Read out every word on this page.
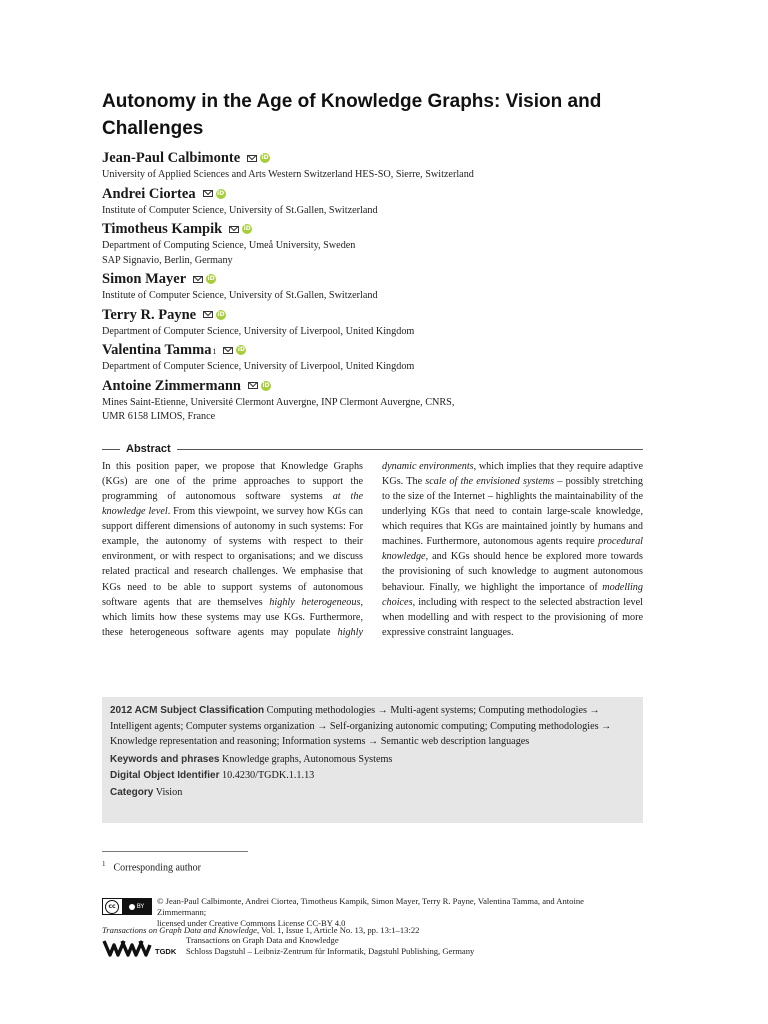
Autonomy in the Age of Knowledge Graphs: Vision and Challenges
Jean-Paul Calbimonte	iD
University of Applied Sciences and Arts Western Switzerland HES-SO, Sierre, Switzerland
Andrei Ciortea	iD
Institute of Computer Science, University of St.Gallen, Switzerland
Timotheus Kampik	iD
Department of Computing Science, Umeå University, Sweden
SAP Signavio, Berlin, Germany
Simon Mayer	iD
Institute of Computer Science, University of St.Gallen, Switzerland
Terry R. Payne	iD
Department of Computer Science, University of Liverpool, United Kingdom
Valentina Tamma 1	iD
Department of Computer Science, University of Liverpool, United Kingdom
Antoine Zimmermann	iD
Mines Saint-Etienne, Université Clermont Auvergne, INP Clermont Auvergne, CNRS,
UMR 6158 LIMOS, France
Abstract

In this position paper, we propose that Knowledge Graphs (KGs) are one of the prime approaches to support the programming of autonomous software systems at the knowledge level. From this viewpoint, we survey how KGs can support different dimensions of autonomy in such systems: For example, the autonomy of systems with respect to their environment, or with respect to organisations; and we discuss related practical and research challenges. We emphasise that KGs need to be able to support systems of autonomous software agents that are themselves highly heterogeneous, which limits how these systems may use KGs. Furthermore, these heterogeneous software agents may populate highly dynamic environments, which implies that they require adaptive KGs. The scale of the envisioned systems – possibly stretching to the size of the Internet – highlights the maintainability of the underlying KGs that need to contain large-scale knowledge, which requires that KGs are maintained jointly by humans and machines. Furthermore, autonomous agents require procedural knowledge, and KGs should hence be explored more towards the provisioning of such knowledge to augment autonomous behaviour. Finally, we highlight the importance of modelling choices, including with respect to the selected abstraction level when modelling and with respect to the provisioning of more expressive constraint languages.

2012 ACM Subject Classification Computing methodologies → Multi-agent systems; Computing methodologies → Intelligent agents; Computer systems organization → Self-organizing autonomic computing; Computing methodologies → Knowledge representation and reasoning; Information systems → Semantic web description languages
Keywords and phrases Knowledge graphs, Autonomous Systems
Digital Object Identifier 10.4230/TGDK.1.1.13
Category Vision
$^1$ Corresponding author
cc	BY
© Jean-Paul Calbimonte, Andrei Ciortea, Timotheus Kampik, Simon Mayer, Terry R. Payne, Valentina Tamma, and Antoine Zimmermann;
licensed under Creative Commons License CC-BY 4.0
Transactions on Graph Data and Knowledge, Vol. 1, Issue 1, Article No. 13, pp. 13:1–13:22
TGDK
Transactions on Graph Data and Knowledge
Schloss Dagstuhl – Leibniz-Zentrum für Informatik, Dagstuhl Publishing, Germany
